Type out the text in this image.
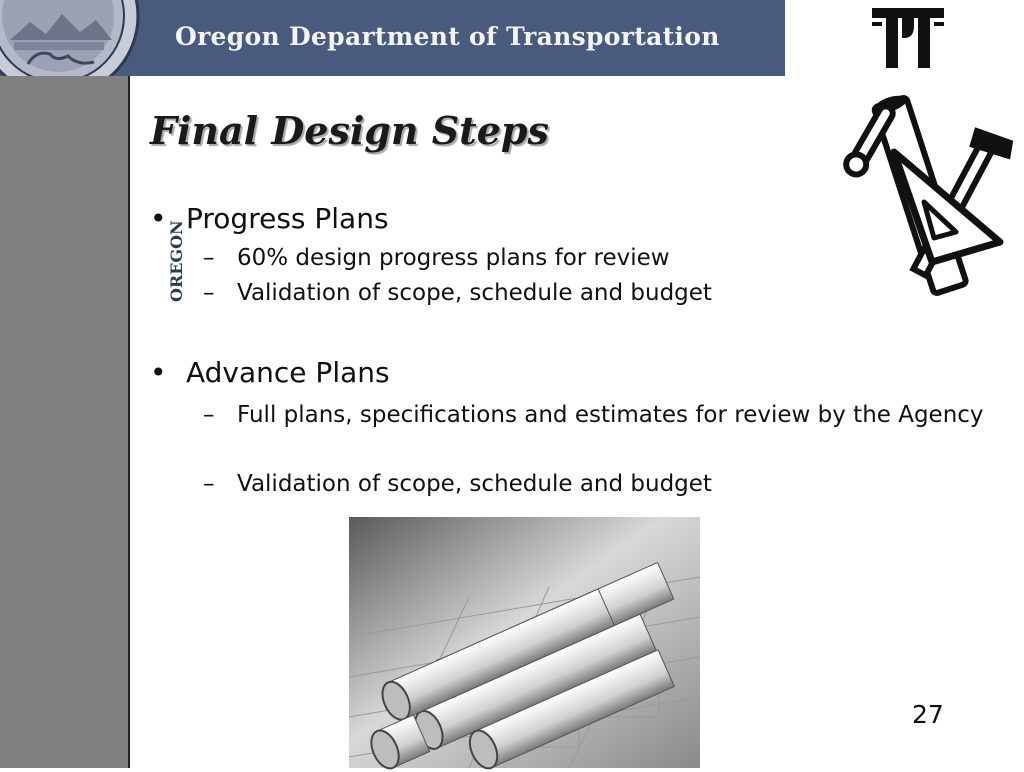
OREGON
Oregon Department of Transportation
Final Design Steps
• Progress Plans
– 60% design progress plans for review
– Validation of scope, schedule and budget
• Advance Plans
– Full plans, specifications and estimates for review by the Agency
– Validation of scope, schedule and budget
27
